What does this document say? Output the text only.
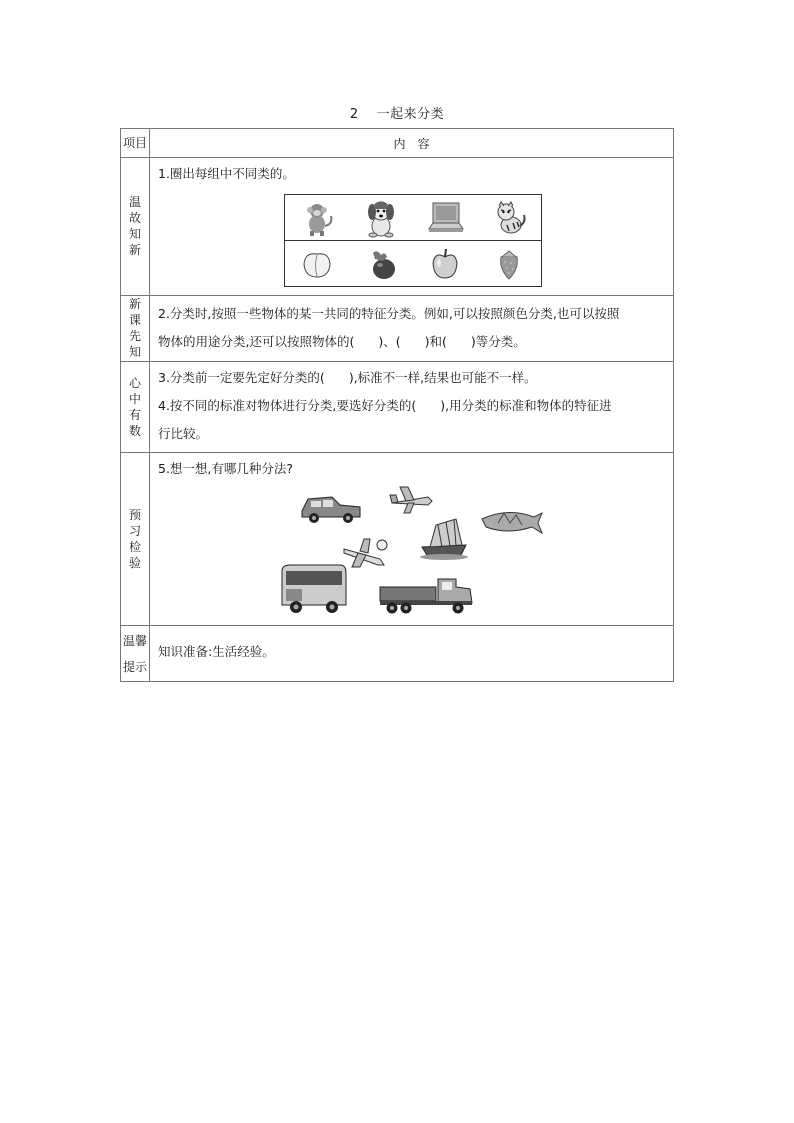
2 一起来分类
项目	内　容
温故知新	1.圈出每组中不同类的。

新课先知	2.分类时,按照一些物体的某一共同的特征分类。例如,可以按照颜色分类,也可以按照
物体的用途分类,还可以按照物体的( )、( )和( )等分类。

心中有数	3.分类前一定要先定好分类的( ),标准不一样,结果也可能不一样。
4.按不同的标准对物体进行分类,要选好分类的( ),用分类的标准和物体的特征进
行比较。

预习检验	5.想一想,有哪几种分法?

温馨提示	知识准备:生活经验。
